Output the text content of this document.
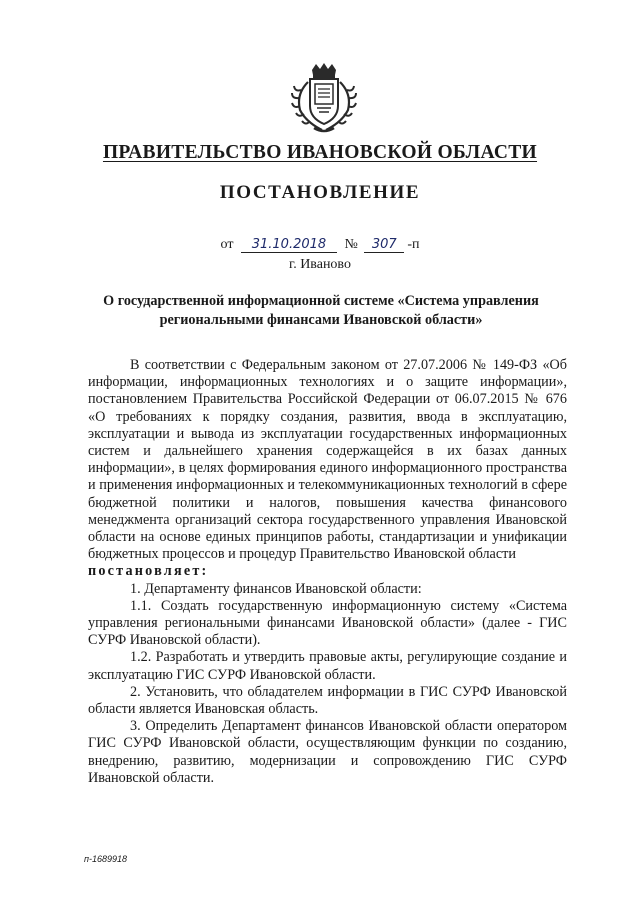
ПРАВИТЕЛЬСТВО ИВАНОВСКОЙ ОБЛАСТИ
ПОСТАНОВЛЕНИЕ
от 31.10.2018 № 307 -п
г. Иваново
О государственной информационной системе «Система управления региональными финансами Ивановской области»

В соответствии с Федеральным законом от 27.07.2006 № 149-ФЗ «Об информации, информационных технологиях и о защите информации», постановлением Правительства Российской Федерации от 06.07.2015 № 676 «О требованиях к порядку создания, развития, ввода в эксплуатацию, эксплуатации и вывода из эксплуатации государственных информационных систем и дальнейшего хранения содержащейся в их базах данных информации», в целях формирования единого информационного пространства и применения информационных и телекоммуникационных технологий в сфере бюджетной политики и налогов, повышения качества финансового менеджмента организаций сектора государственного управления Ивановской области на основе единых принципов работы, стандартизации и унификации бюджетных процессов и процедур Правительство Ивановской области

постановляет:

1. Департаменту финансов Ивановской области:

1.1. Создать государственную информационную систему «Система управления региональными финансами Ивановской области» (далее - ГИС СУРФ Ивановской области).

1.2. Разработать и утвердить правовые акты, регулирующие создание и эксплуатацию ГИС СУРФ Ивановской области.

2. Установить, что обладателем информации в ГИС СУРФ Ивановской области является Ивановская область.

3. Определить Департамент финансов Ивановской области оператором ГИС СУРФ Ивановской области, осуществляющим функции по созданию, внедрению, развитию, модернизации и сопровождению ГИС СУРФ Ивановской области.

п-1689918
